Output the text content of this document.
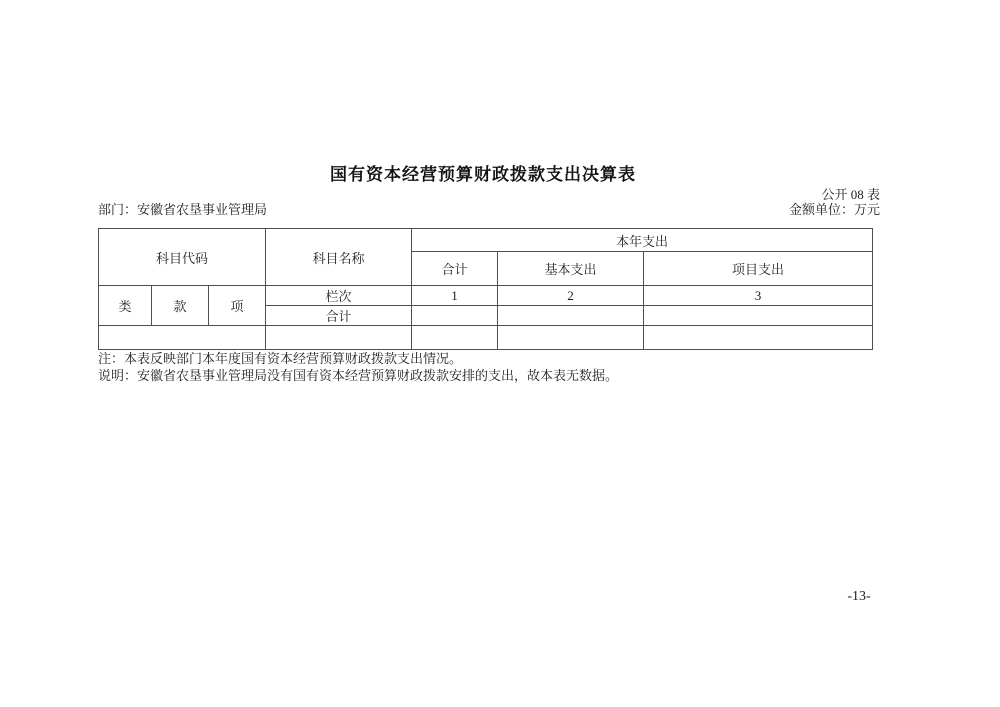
国有资本经营预算财政拨款支出决算表
公开 08 表
部门：安徽省农垦事业管理局	金额单位：万元
科目代码			科目名称	本年支出		
				合计	基本支出	项目支出
类	款	项	栏次	1	2	3
			合计			

注：本表反映部门本年度国有资本经营预算财政拨款支出情况。
说明：安徽省农垦事业管理局没有国有资本经营预算财政拨款安排的支出，故本表无数据。
-13-
